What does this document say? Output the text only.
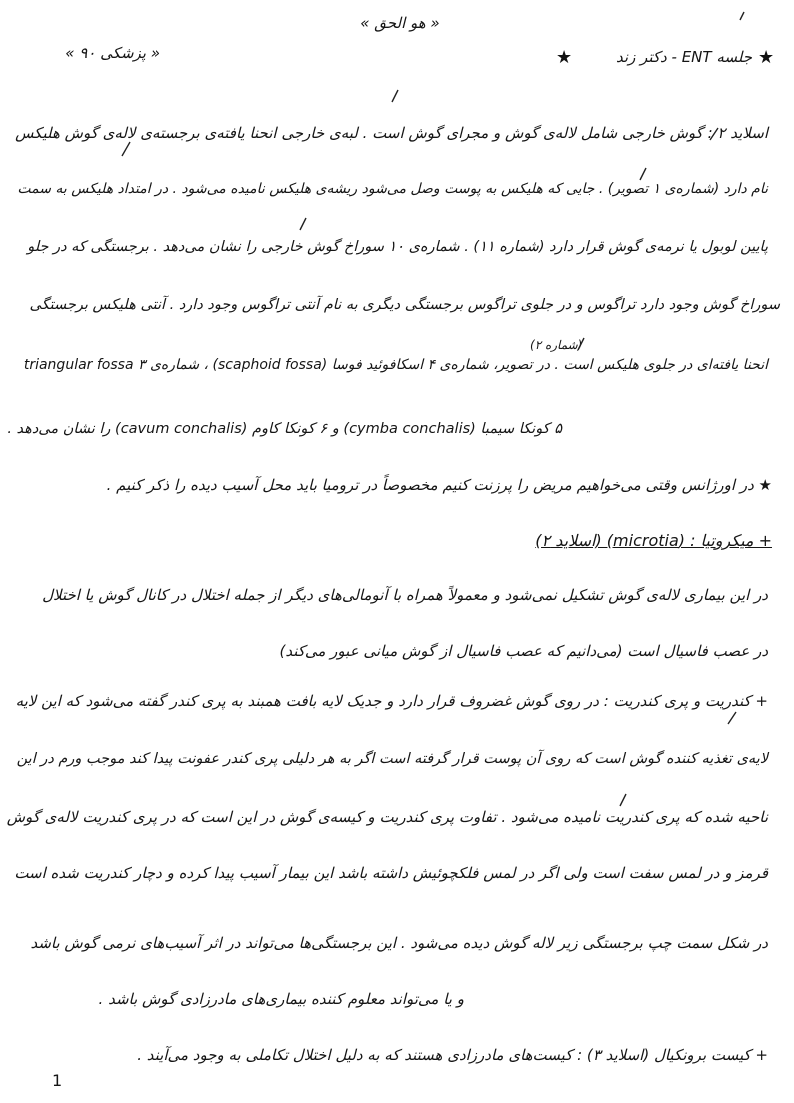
« هو الحق »
★
جلسه ENT - دکتر زند
★
« پزشکی ۹۰ »
اسلاید ۲ : گوش خارجی شامل لاله‌ی گوش و مجرای گوش است . لبه‌ی خارجی انحنا یافته‌ی برجسته‌ی لاله‌ی گوش هلیکس
نام دارد (شماره‌ی ۱ تصویر) . جایی که هلیکس به پوست وصل می‌شود ریشه‌ی هلیکس نامیده می‌شود . در امتداد هلیکس به سمت
پایین لوبول یا نرمه‌ی گوش قرار دارد (شماره ۱۱) . شماره‌ی ۱۰ سوراخ گوش خارجی را نشان می‌دهد . برجستگی که در جلو
سوراخ گوش وجود دارد تراگوس و در جلوی تراگوس برجستگی دیگری به نام آنتی تراگوس وجود دارد . آنتی هلیکس برجستگی
(شماره ۲)
انحنا یافته‌ای در جلوی هلیکس است . در تصویر، شماره‌ی ۴ اسکافوئید فوسا (scaphoid fossa) ، شماره‌ی ۳ triangular fossa
۵ کونکا سیمبا (cymba conchalis) و ۶ کونکا کاوم (cavum conchalis) را نشان می‌دهد .
★ در اورژانس وقتی می‌خواهیم مریض را پرزنت کنیم مخصوصاً در ترومیا باید محل آسیب دیده را ذکر کنیم .
+ میکروتیا : (microtia) (اسلاید ۲)
در این بیماری لاله‌ی گوش تشکیل نمی‌شود و معمولاً همراه با آنومالی‌های دیگر از جمله اختلال در کانال گوش یا اختلال
در عصب فاسیال است (می‌دانیم که عصب فاسیال از گوش میانی عبور می‌کند)
+ کندریت و پری کندریت : در روی گوش غضروف قرار دارد و جدیک لایه بافت همبند به پری کندر گفته می‌شود که این لایه
لایه‌ی تغذیه کننده گوش است که روی آن پوست قرار گرفته است اگر به هر دلیلی پری کندر عفونت پیدا کند موجب ورم در این
ناحیه شده که پری کندریت نامیده می‌شود . تفاوت پری کندریت و کیسه‌ی گوش در این است که در پری کندریت لاله‌ی گوش
قرمز و در لمس سفت است ولی اگر در لمس فلکچوئیش داشته باشد این بیمار آسیب پیدا کرده و دچار کندریت شده است
در شکل سمت چپ برجستگی زیر لاله گوش دیده می‌شود . این برجستگی‌ها می‌تواند در اثر آسیب‌های نرمی گوش باشد
و یا می‌تواند معلوم کننده بیماری‌های مادرزادی گوش باشد .
+ کیست برونکیال (اسلاید ۳) : کیست‌های مادرزادی هستند که به دلیل اختلال تکاملی به وجود می‌آیند .
1
